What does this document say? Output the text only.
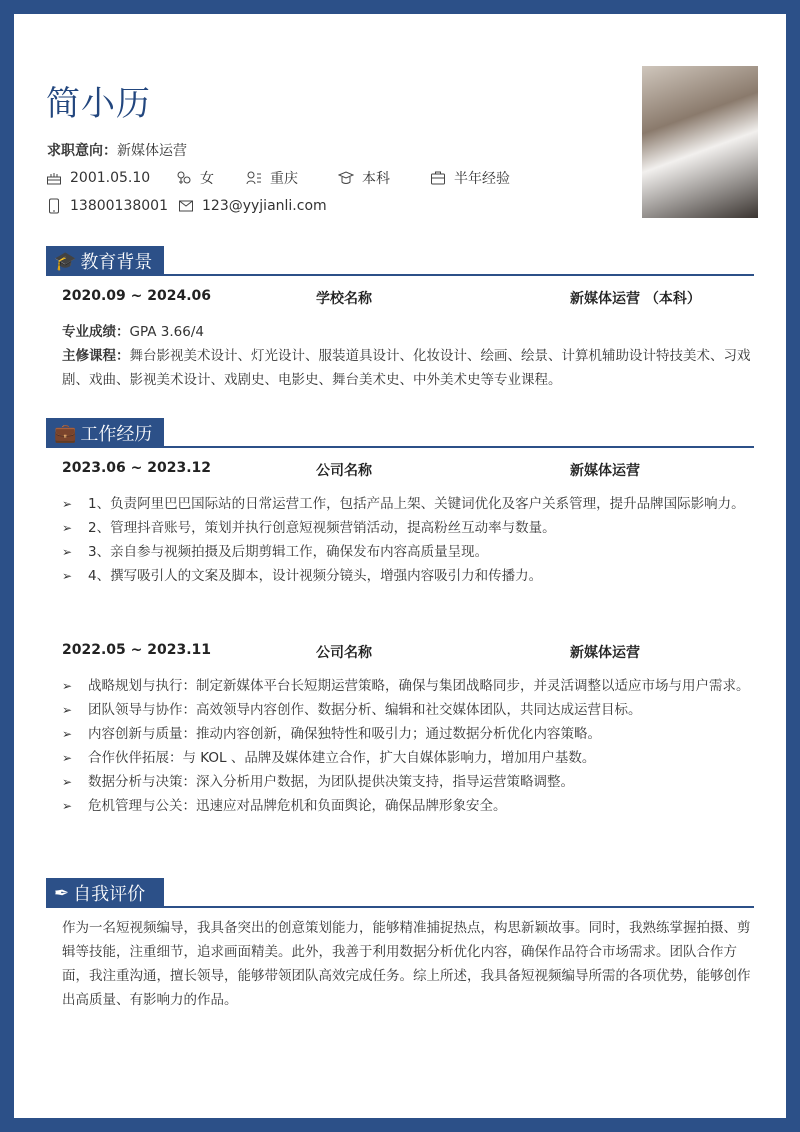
简小历
求职意向：新媒体运营
2001.05.10	女	重庆	本科	半年经验
13800138001 123@yyjianli.com
🎓 教育背景
2020.09 ~ 2024.06	学校名称	新媒体运营 （本科）
专业成绩：GPA 3.66/4
主修课程：舞台影视美术设计、灯光设计、服装道具设计、化妆设计、绘画、绘景、计算机辅助设计特技美术、习戏剧、戏曲、影视美术设计、戏剧史、电影史、舞台美术史、中外美术史等专业课程。
💼 工作经历
2023.06 ~ 2023.12	公司名称	新媒体运营
➢ 1、负责阿里巴巴国际站的日常运营工作，包括产品上架、关键词优化及客户关系管理，提升品牌国际影响力。
➢ 2、管理抖音账号，策划并执行创意短视频营销活动，提高粉丝互动率与数量。
➢ 3、亲自参与视频拍摄及后期剪辑工作，确保发布内容高质量呈现。
➢ 4、撰写吸引人的文案及脚本，设计视频分镜头，增强内容吸引力和传播力。
2022.05 ~ 2023.11	公司名称	新媒体运营
➢ 战略规划与执行：制定新媒体平台长短期运营策略，确保与集团战略同步，并灵活调整以适应市场与用户需求。
➢ 团队领导与协作：高效领导内容创作、数据分析、编辑和社交媒体团队，共同达成运营目标。
➢ 内容创新与质量：推动内容创新，确保独特性和吸引力；通过数据分析优化内容策略。
➢ 合作伙伴拓展：与 KOL 、品牌及媒体建立合作，扩大自媒体影响力，增加用户基数。
➢ 数据分析与决策：深入分析用户数据，为团队提供决策支持，指导运营策略调整。
➢ 危机管理与公关：迅速应对品牌危机和负面舆论，确保品牌形象安全。
✒ 自我评价
作为一名短视频编导，我具备突出的创意策划能力，能够精准捕捉热点，构思新颖故事。同时，我熟练掌握拍摄、剪辑等技能，注重细节，追求画面精美。此外，我善于利用数据分析优化内容，确保作品符合市场需求。团队合作方面，我注重沟通，擅长领导，能够带领团队高效完成任务。综上所述，我具备短视频编导所需的各项优势，能够创作出高质量、有影响力的作品。
